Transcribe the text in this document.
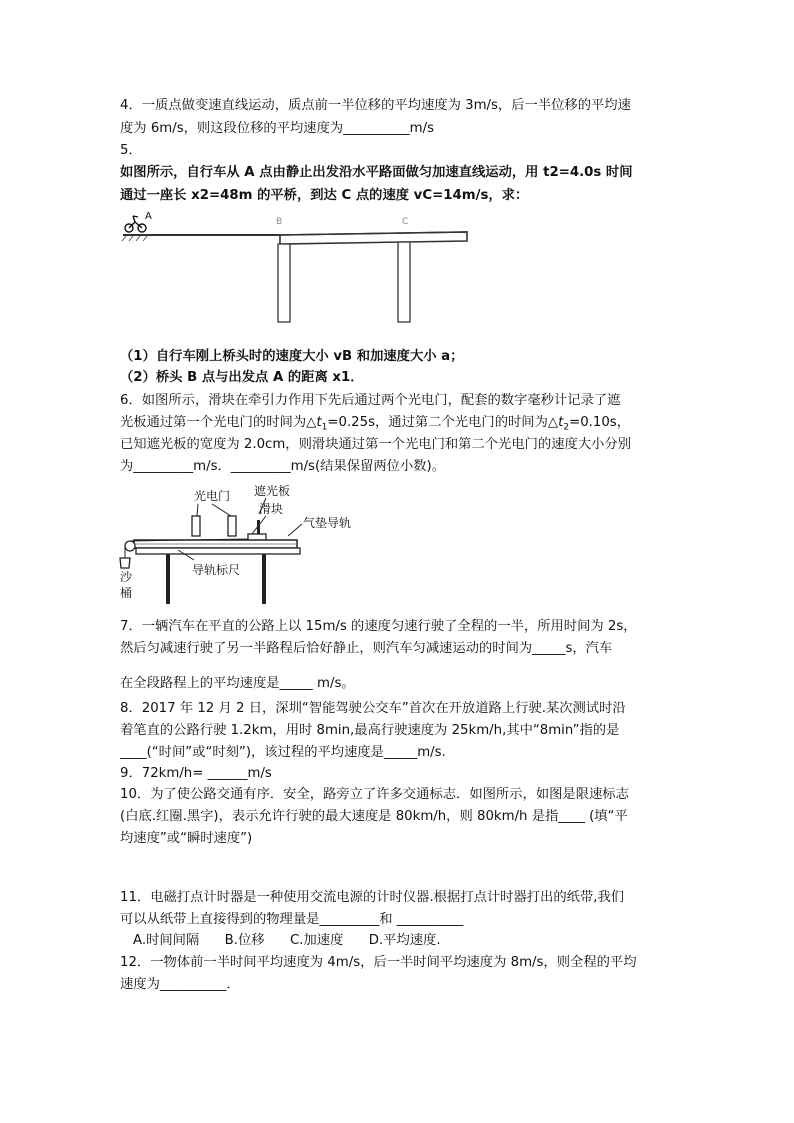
4．一质点做变速直线运动，质点前一半位移的平均速度为 3m/s，后一半位移的平均速
度为 6m/s，则这段位移的平均速度为__________m/s
5．
如图所示，自行车从 A 点由静止出发沿水平路面做匀加速直线运动，用 t2=4.0s 时间
通过一座长 x2=48m 的平桥，到达 C 点的速度 vC=14m/s，求：
A	B	C
（1）自行车刚上桥头时的速度大小 vB 和加速度大小 a；
（2）桥头 B 点与出发点 A 的距离 x1．
6．如图所示，滑块在牵引力作用下先后通过两个光电门，配套的数字毫秒计记录了遮
光板通过第一个光电门的时间为$\triangle t_1=0.25s$，通过第二个光电门的时间为$\triangle t_2=0.10s$，
已知遮光板的宽度为 2.0cm，则滑块通过第一个光电门和第二个光电门的速度大小分别
为_________m/s．_________m/s(结果保留两位小数)。
光电门 遮光板
滑块
气垫导轨
沙
桶
导轨标尺
7．一辆汽车在平直的公路上以 15m/s 的速度匀速行驶了全程的一半，所用时间为 2s，
然后匀减速行驶了另一半路程后恰好静止，则汽车匀减速运动的时间为_____s，汽车
在全段路程上的平均速度是_____ m/s。
8．2017 年 12 月 2 日，深圳“智能驾驶公交车”首次在开放道路上行驶.某次测试时沿
着笔直的公路行驶 1.2km，用时 8min,最高行驶速度为 25km/h,其中“8min”指的是
____(“时间”或“时刻”)，该过程的平均速度是_____m/s.
9．72km/h= ______m/s
10．为了使公路交通有序．安全，路旁立了许多交通标志．如图所示，如图是限速标志
(白底.红圈.黑字)，表示允许行驶的最大速度是 80km/h，则 80km/h 是指____ (填“平
均速度”或“瞬时速度”)
11．电磁打点计时器是一种使用交流电源的计时仪器.根据打点计时器打出的纸带,我们
可以从纸带上直接得到的物理量是_________和 __________
A.时间间隔      B.位移      C.加速度      D.平均速度.
12．一物体前一半时间平均速度为 4m/s，后一半时间平均速度为 8m/s，则全程的平均
速度为__________．
